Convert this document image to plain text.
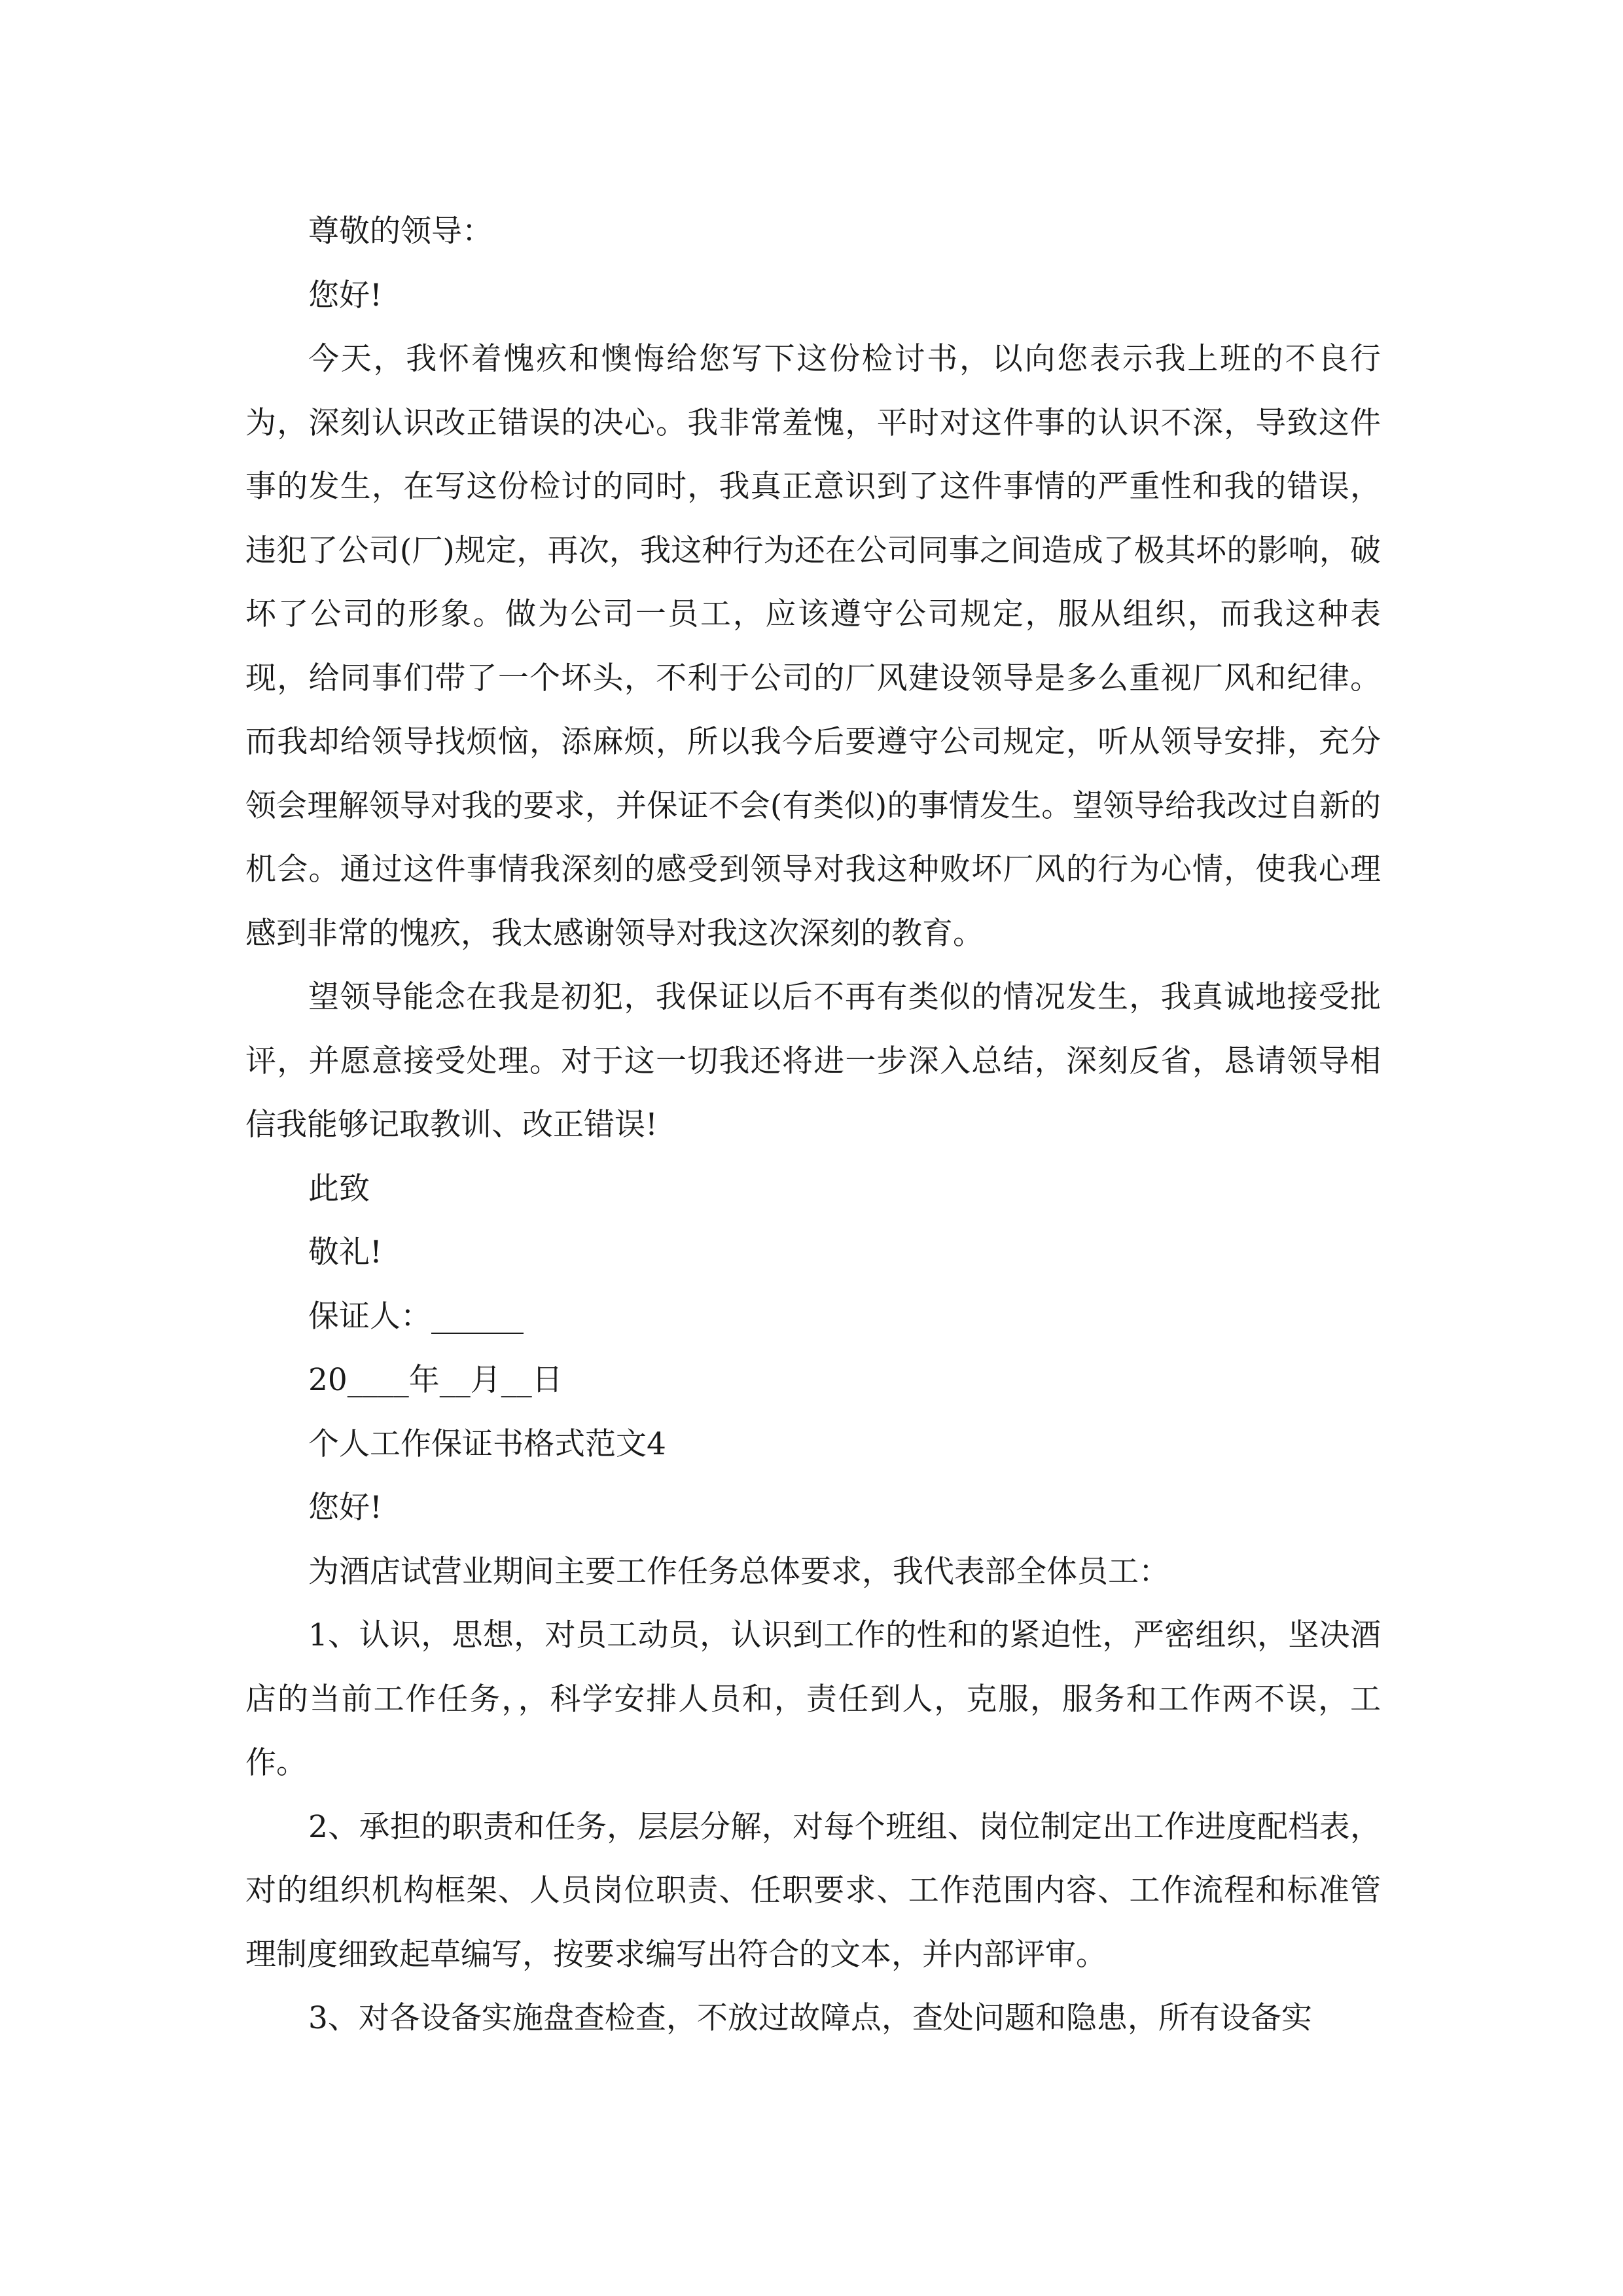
尊敬的领导：

您好!

今天，我怀着愧疚和懊悔给您写下这份检讨书，以向您表示我上班的不良行为，深刻认识改正错误的决心。我非常羞愧，平时对这件事的认识不深，导致这件事的发生，在写这份检讨的同时，我真正意识到了这件事情的严重性和我的错误，违犯了公司(厂)规定，再次，我这种行为还在公司同事之间造成了极其坏的影响，破坏了公司的形象。做为公司一员工，应该遵守公司规定，服从组织，而我这种表现，给同事们带了一个坏头，不利于公司的厂风建设领导是多么重视厂风和纪律。而我却给领导找烦恼，添麻烦，所以我今后要遵守公司规定，听从领导安排，充分领会理解领导对我的要求，并保证不会(有类似)的事情发生。望领导给我改过自新的机会。通过这件事情我深刻的感受到领导对我这种败坏厂风的行为心情，使我心理感到非常的愧疚，我太感谢领导对我这次深刻的教育。

望领导能念在我是初犯，我保证以后不再有类似的情况发生，我真诚地接受批评，并愿意接受处理。对于这一切我还将进一步深入总结，深刻反省，恳请领导相信我能够记取教训、改正错误!

此致

敬礼!

保证人：______

20____年__月__日

个人工作保证书格式范文4

您好!

为酒店试营业期间主要工作任务总体要求，我代表部全体员工：

1、认识，思想，对员工动员，认识到工作的性和的紧迫性，严密组织，坚决酒店的当前工作任务，，科学安排人员和，责任到人，克服，服务和工作两不误，工作。

2、承担的职责和任务，层层分解，对每个班组、岗位制定出工作进度配档表，对的组织机构框架、人员岗位职责、任职要求、工作范围内容、工作流程和标准管理制度细致起草编写，按要求编写出符合的文本，并内部评审。

3、对各设备实施盘查检查，不放过故障点，查处问题和隐患，所有设备实
